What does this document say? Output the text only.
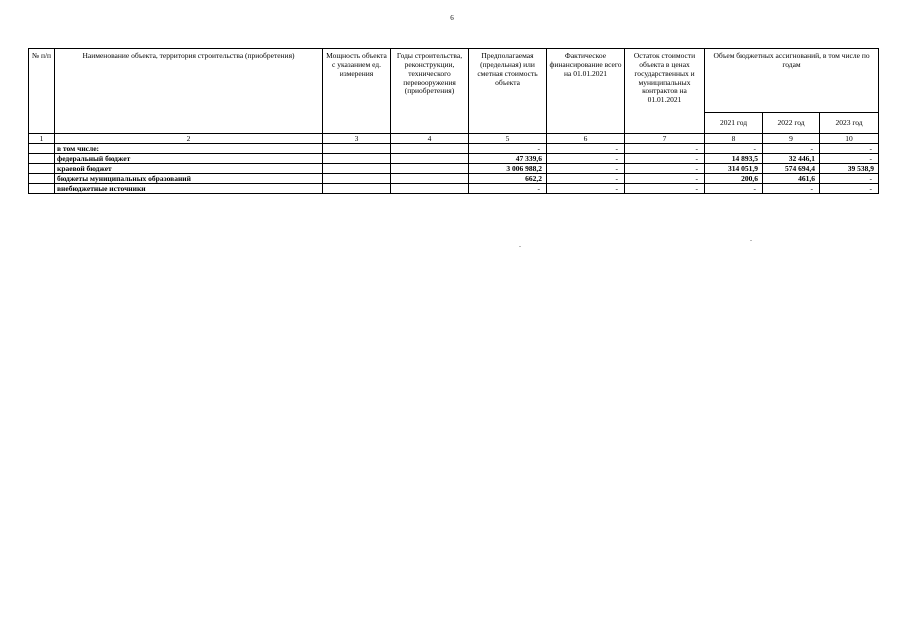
6
№ п/п	Наименование объекта, территория строительства (приобретения)	Мощность объекта с указанием ед. измерения	Годы строительства, реконструкции, технического перевооружения (приобретения)	Предполагаемая (предельная) или сметная стоимость объекта	Фактическое финансирование всего на 01.01.2021	Остаток стоимости объекта в ценах государственных и муниципальных контрактов на 01.01.2021	Объем бюджетных ассигнований, в том числе по годам		
							2021 год	2022 год	2023 год
1	2	3	4	5	6	7	8	9	10
	в том числе:			-	-	-	-	-	-
	федеральный бюджет			47 339,6	-	-	14 893,5	32 446,1	-
	краевой бюджет			3 006 988,2	-	-	314 051,9	574 694,4	39 538,9
	бюджеты муниципальных образований			662,2	-	-	200,6	461,6	-
	внебюджетные источники			-	-	-	-	-	-
